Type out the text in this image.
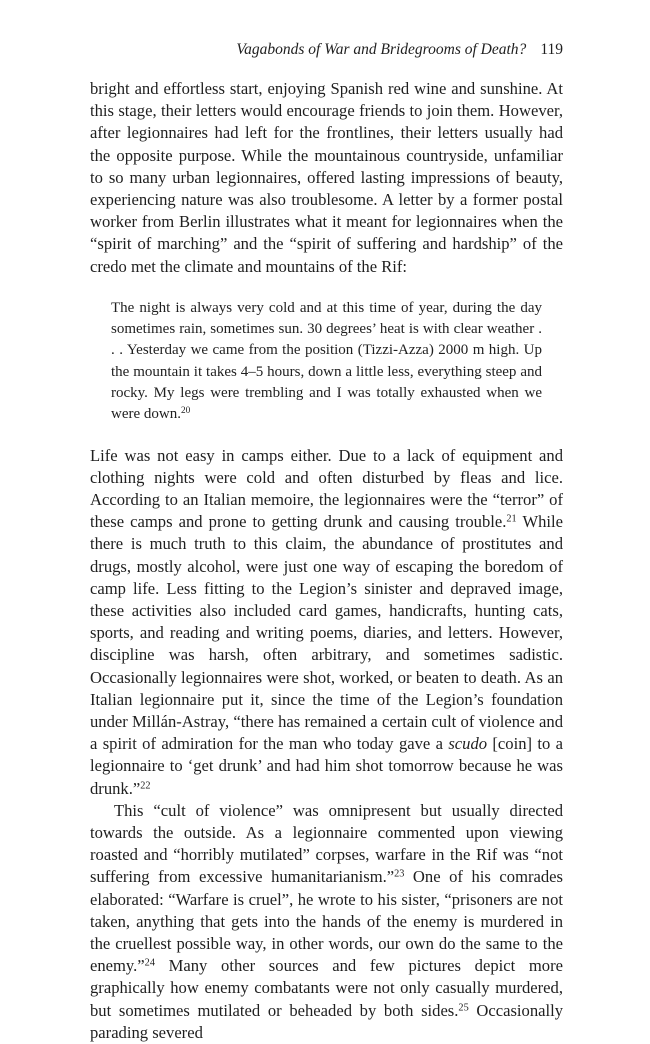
Vagabonds of War and Bridegrooms of Death? 119

bright and effortless start, enjoying Spanish red wine and sunshine. At this stage, their letters would encourage friends to join them. However, after legionnaires had left for the frontlines, their letters usually had the opposite purpose. While the mountainous countryside, unfamiliar to so many urban legionnaires, offered lasting impressions of beauty, experiencing nature was also troublesome. A letter by a former postal worker from Berlin illustrates what it meant for legionnaires when the “spirit of marching” and the “spirit of suffering and hardship” of the credo met the climate and mountains of the Rif:

The night is always very cold and at this time of year, during the day sometimes rain, sometimes sun. 30 degrees’ heat is with clear weather . . . Yesterday we came from the position (Tizzi-Azza) 2000 m high. Up the mountain it takes 4–5 hours, down a little less, everything steep and rocky. My legs were trembling and I was totally exhausted when we were down.$^{20}$

Life was not easy in camps either. Due to a lack of equipment and clothing nights were cold and often disturbed by fleas and lice. According to an Italian memoire, the legionnaires were the “terror” of these camps and prone to getting drunk and causing trouble.$^{21}$ While there is much truth to this claim, the abundance of prostitutes and drugs, mostly alcohol, were just one way of escaping the boredom of camp life. Less fitting to the Legion’s sinister and depraved image, these activities also included card games, handicrafts, hunting cats, sports, and reading and writing poems, diaries, and letters. However, discipline was harsh, often arbitrary, and sometimes sadistic. Occasionally legionnaires were shot, worked, or beaten to death. As an Italian legionnaire put it, since the time of the Legion’s foundation under Millán-Astray, “there has remained a certain cult of violence and a spirit of admiration for the man who today gave a scudo [coin] to a legionnaire to ‘get drunk’ and had him shot tomorrow because he was drunk.”$^{22}$

This “cult of violence” was omnipresent but usually directed towards the outside. As a legionnaire commented upon viewing roasted and “horribly mutilated” corpses, warfare in the Rif was “not suffering from excessive humanitarianism.”$^{23}$ One of his comrades elaborated: “Warfare is cruel”, he wrote to his sister, “prisoners are not taken, anything that gets into the hands of the enemy is murdered in the cruellest possible way, in other words, our own do the same to the enemy.”$^{24}$ Many other sources and few pictures depict more graphically how enemy combatants were not only casually murdered, but sometimes mutilated or beheaded by both sides.$^{25}$ Occasionally parading severed
